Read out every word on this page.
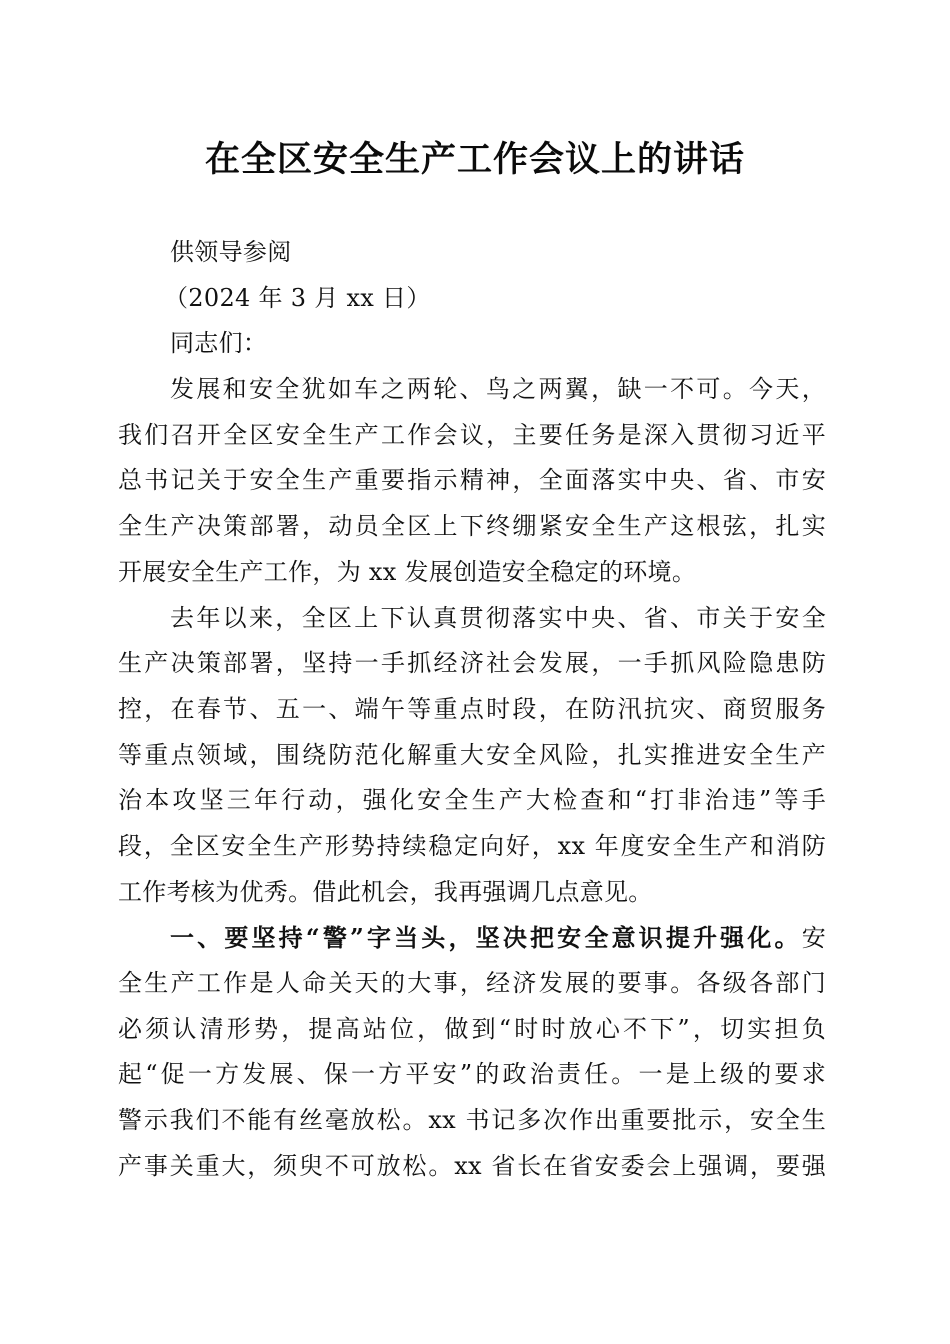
在全区安全生产工作会议上的讲话
供领导参阅
（2024 年 3 月 xx 日）
同志们：
发展和安全犹如车之两轮、鸟之两翼，缺一不可。今天，
我们召开全区安全生产工作会议，主要任务是深入贯彻习近平
总书记关于安全生产重要指示精神，全面落实中央、省、市安
全生产决策部署，动员全区上下终绷紧安全生产这根弦，扎实
开展安全生产工作，为 xx 发展创造安全稳定的环境。
去年以来，全区上下认真贯彻落实中央、省、市关于安全
生产决策部署，坚持一手抓经济社会发展，一手抓风险隐患防
控，在春节、五一、端午等重点时段，在防汛抗灾、商贸服务
等重点领域，围绕防范化解重大安全风险，扎实推进安全生产
治本攻坚三年行动，强化安全生产大检查和“打非治违”等手
段，全区安全生产形势持续稳定向好，xx 年度安全生产和消防
工作考核为优秀。借此机会，我再强调几点意见。
一、要坚持“警”字当头，坚决把安全意识提升强化。安
全生产工作是人命关天的大事，经济发展的要事。各级各部门
必须认清形势，提高站位，做到“时时放心不下”，切实担负
起“促一方发展、保一方平安”的政治责任。一是上级的要求
警示我们不能有丝毫放松。xx 书记多次作出重要批示，安全生
产事关重大，须臾不可放松。xx 省长在省安委会上强调，要强
